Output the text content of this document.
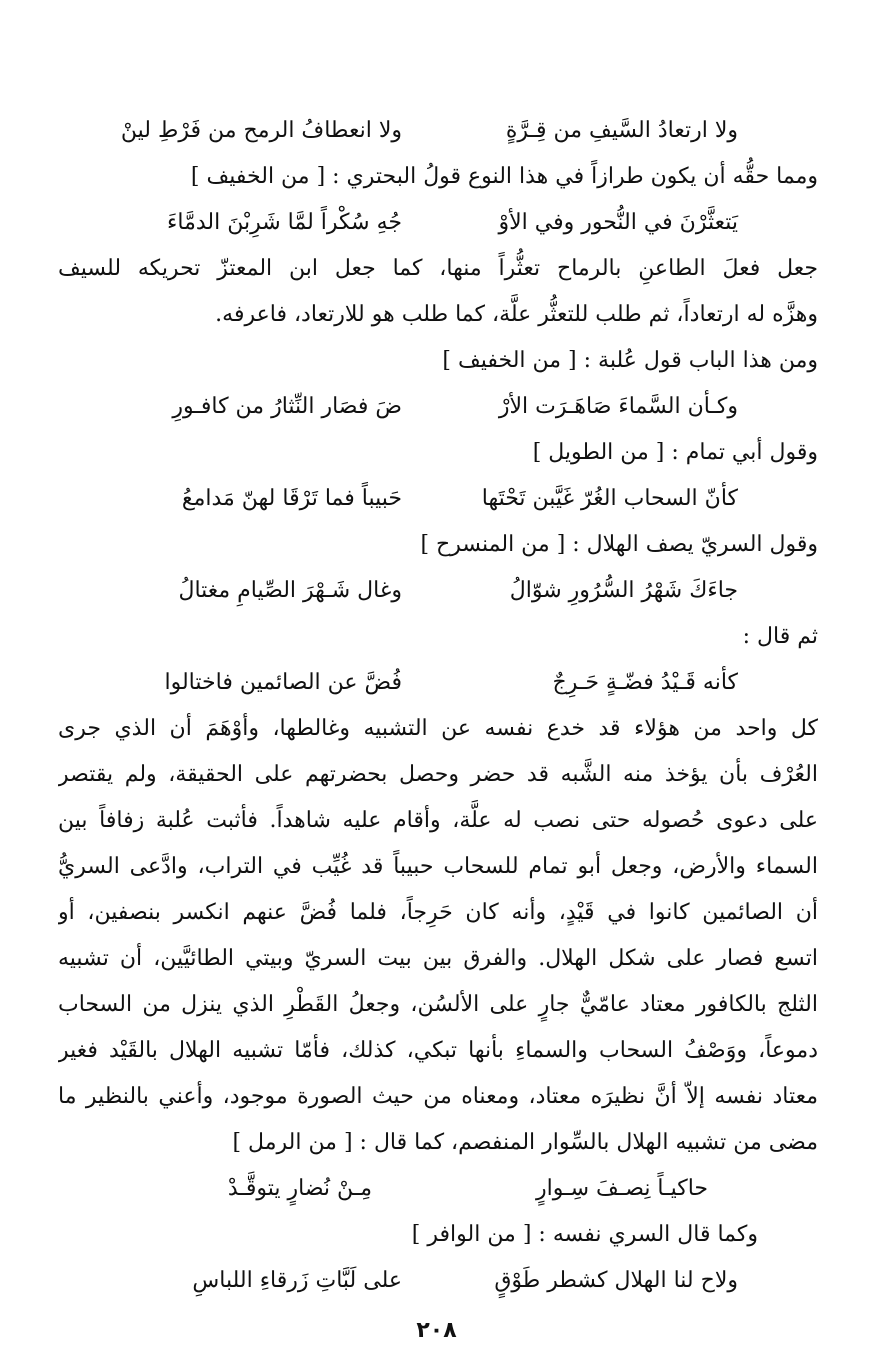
ولا ارتعادُ السَّيفِ من قِـرَّةٍ
ولا انعطافُ الرمح من فَرْطِ لينْ
ومما حقُّه أن يكون طرازاً في هذا النوع قولُ البحتري : [ من الخفيف ]
يَتعثَّرْنَ في النُّحور وفي الأوْ
جُهِ سُكْراً لمَّا شَرِبْنَ الدمَّاءَ
جعل فعلَ الطاعنِ بالرماح تعثُّراً منها، كما جعل ابن المعتزّ تحريكه للسيف
وهزَّه له ارتعاداً، ثم طلب للتعثُّر علَّة، كما طلب هو للارتعاد، فاعرفه.
ومن هذا الباب قول عُلبة : [ من الخفيف ]
وكـأن السَّماءَ صَاهَـرَت الأرْ
ضَ فصَار النِّثارُ من كافـورِ
وقول أبي تمام : [ من الطويل ]
كأنّ السحاب الغُرّ غَيَّبن تَحْتَها
حَبيباً فما تَرْقَا لهنّ مَدامعُ
وقول السريّ يصف الهلال : [ من المنسرح ]
جاءَكَ شَهْرُ السُّرُورِ شوّالُ
وغال شَـهْرَ الصِّيامِ مغتالُ
ثم قال :
كأنه قَـيْدُ فضّـةٍ حَـرِجٌ
فُضَّ عن الصائمين فاختالوا
كل واحد من هؤلاء قد خدع نفسه عن التشبيه وغالطها، وأوْهَمَ أن الذي جرى
العُرْف بأن يؤخذ منه الشَّبه قد حضر وحصل بحضرتهم على الحقيقة، ولم يقتصر
على دعوى حُصوله حتى نصب له علَّة، وأقام عليه شاهداً. فأثبت عُلبة زفافاً بين
السماء والأرض، وجعل أبو تمام للسحاب حبيباً قد غُيِّب في التراب، وادَّعى السريُّ
أن الصائمين كانوا في قَيْدٍ، وأنه كان حَرِجاً، فلما فُضَّ عنهم انكسر بنصفين، أو
اتسع فصار على شكل الهلال. والفرق بين بيت السريّ وبيتي الطائيَّين، أن تشبيه
الثلج بالكافور معتاد عامّيٌّ جارٍ على الألسُن، وجعلُ القَطْرِ الذي ينزل من السحاب
دموعاً، ووَصْفُ السحاب والسماءِ بأنها تبكي، كذلك، فأمّا تشبيه الهلال بالقَيْد فغير
معتاد نفسه إلاّ أنَّ نظيرَه معتاد، ومعناه من حيث الصورة موجود، وأعني بالنظير ما
مضى من تشبيه الهلال بالسِّوار المنفصم، كما قال : [ من الرمل ]
حاكيـاً نِصـفَ سِـوارٍ
مِـنْ نُضارٍ يتوقَّـدْ
وكما قال السري نفسه : [ من الوافر ]
ولاح لنا الهلال كشطر طَوْقٍ
على لَبَّاتِ زَرقاءِ اللباسِ
٢٠٨
